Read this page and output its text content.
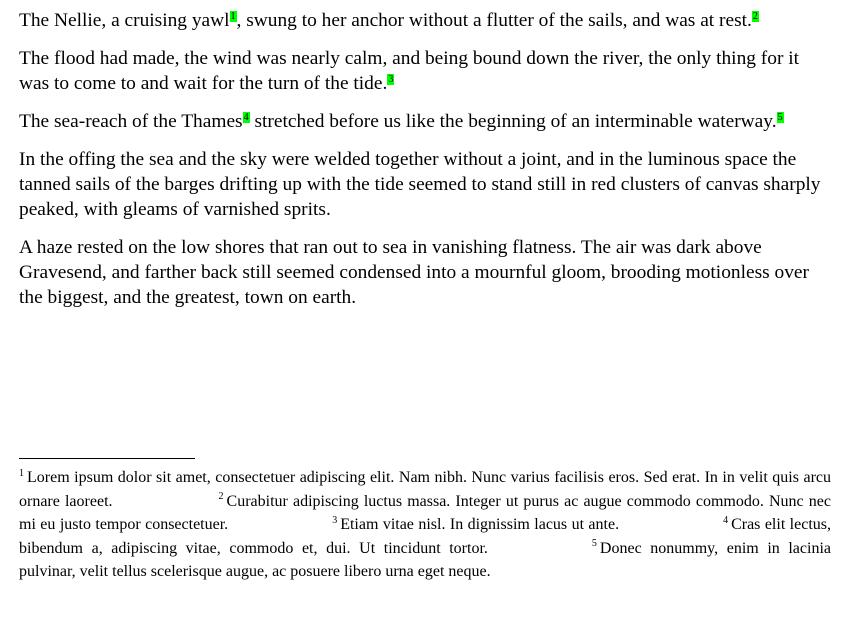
The Nellie, a cruising yawl$^1$, swung to her anchor without a flutter of the sails, and was at rest.$^2$

The flood had made, the wind was nearly calm, and being bound down the river, the only thing for it was to come to and wait for the turn of the tide.$^3$

The sea-reach of the Thames$^4$ stretched before us like the beginning of an interminable waterway.$^5$

In the offing the sea and the sky were welded together without a joint, and in the luminous space the tanned sails of the barges drifting up with the tide seemed to stand still in red clusters of canvas sharply peaked, with gleams of varnished sprits.

A haze rested on the low shores that ran out to sea in vanishing flatness. The air was dark above Gravesend, and farther back still seemed condensed into a mournful gloom, brooding motionless over the biggest, and the greatest, town on earth.

$^1$ Lorem ipsum dolor sit amet, consectetuer adipiscing elit. Nam nibh. Nunc varius facilisis eros. Sed erat. In in velit quis arcu ornare laoreet.	$^2$ Curabitur adipiscing luctus massa. Integer ut purus ac augue commodo commodo. Nunc nec mi eu justo tempor consectetuer.	$^3$ Etiam vitae nisl. In dignissim lacus ut ante.	$^4$ Cras elit lectus, bibendum a, adipiscing vitae, commodo et, dui. Ut tincidunt tortor.	$^5$ Donec nonummy, enim in lacinia pulvinar, velit tellus scelerisque augue, ac posuere libero urna eget neque.
